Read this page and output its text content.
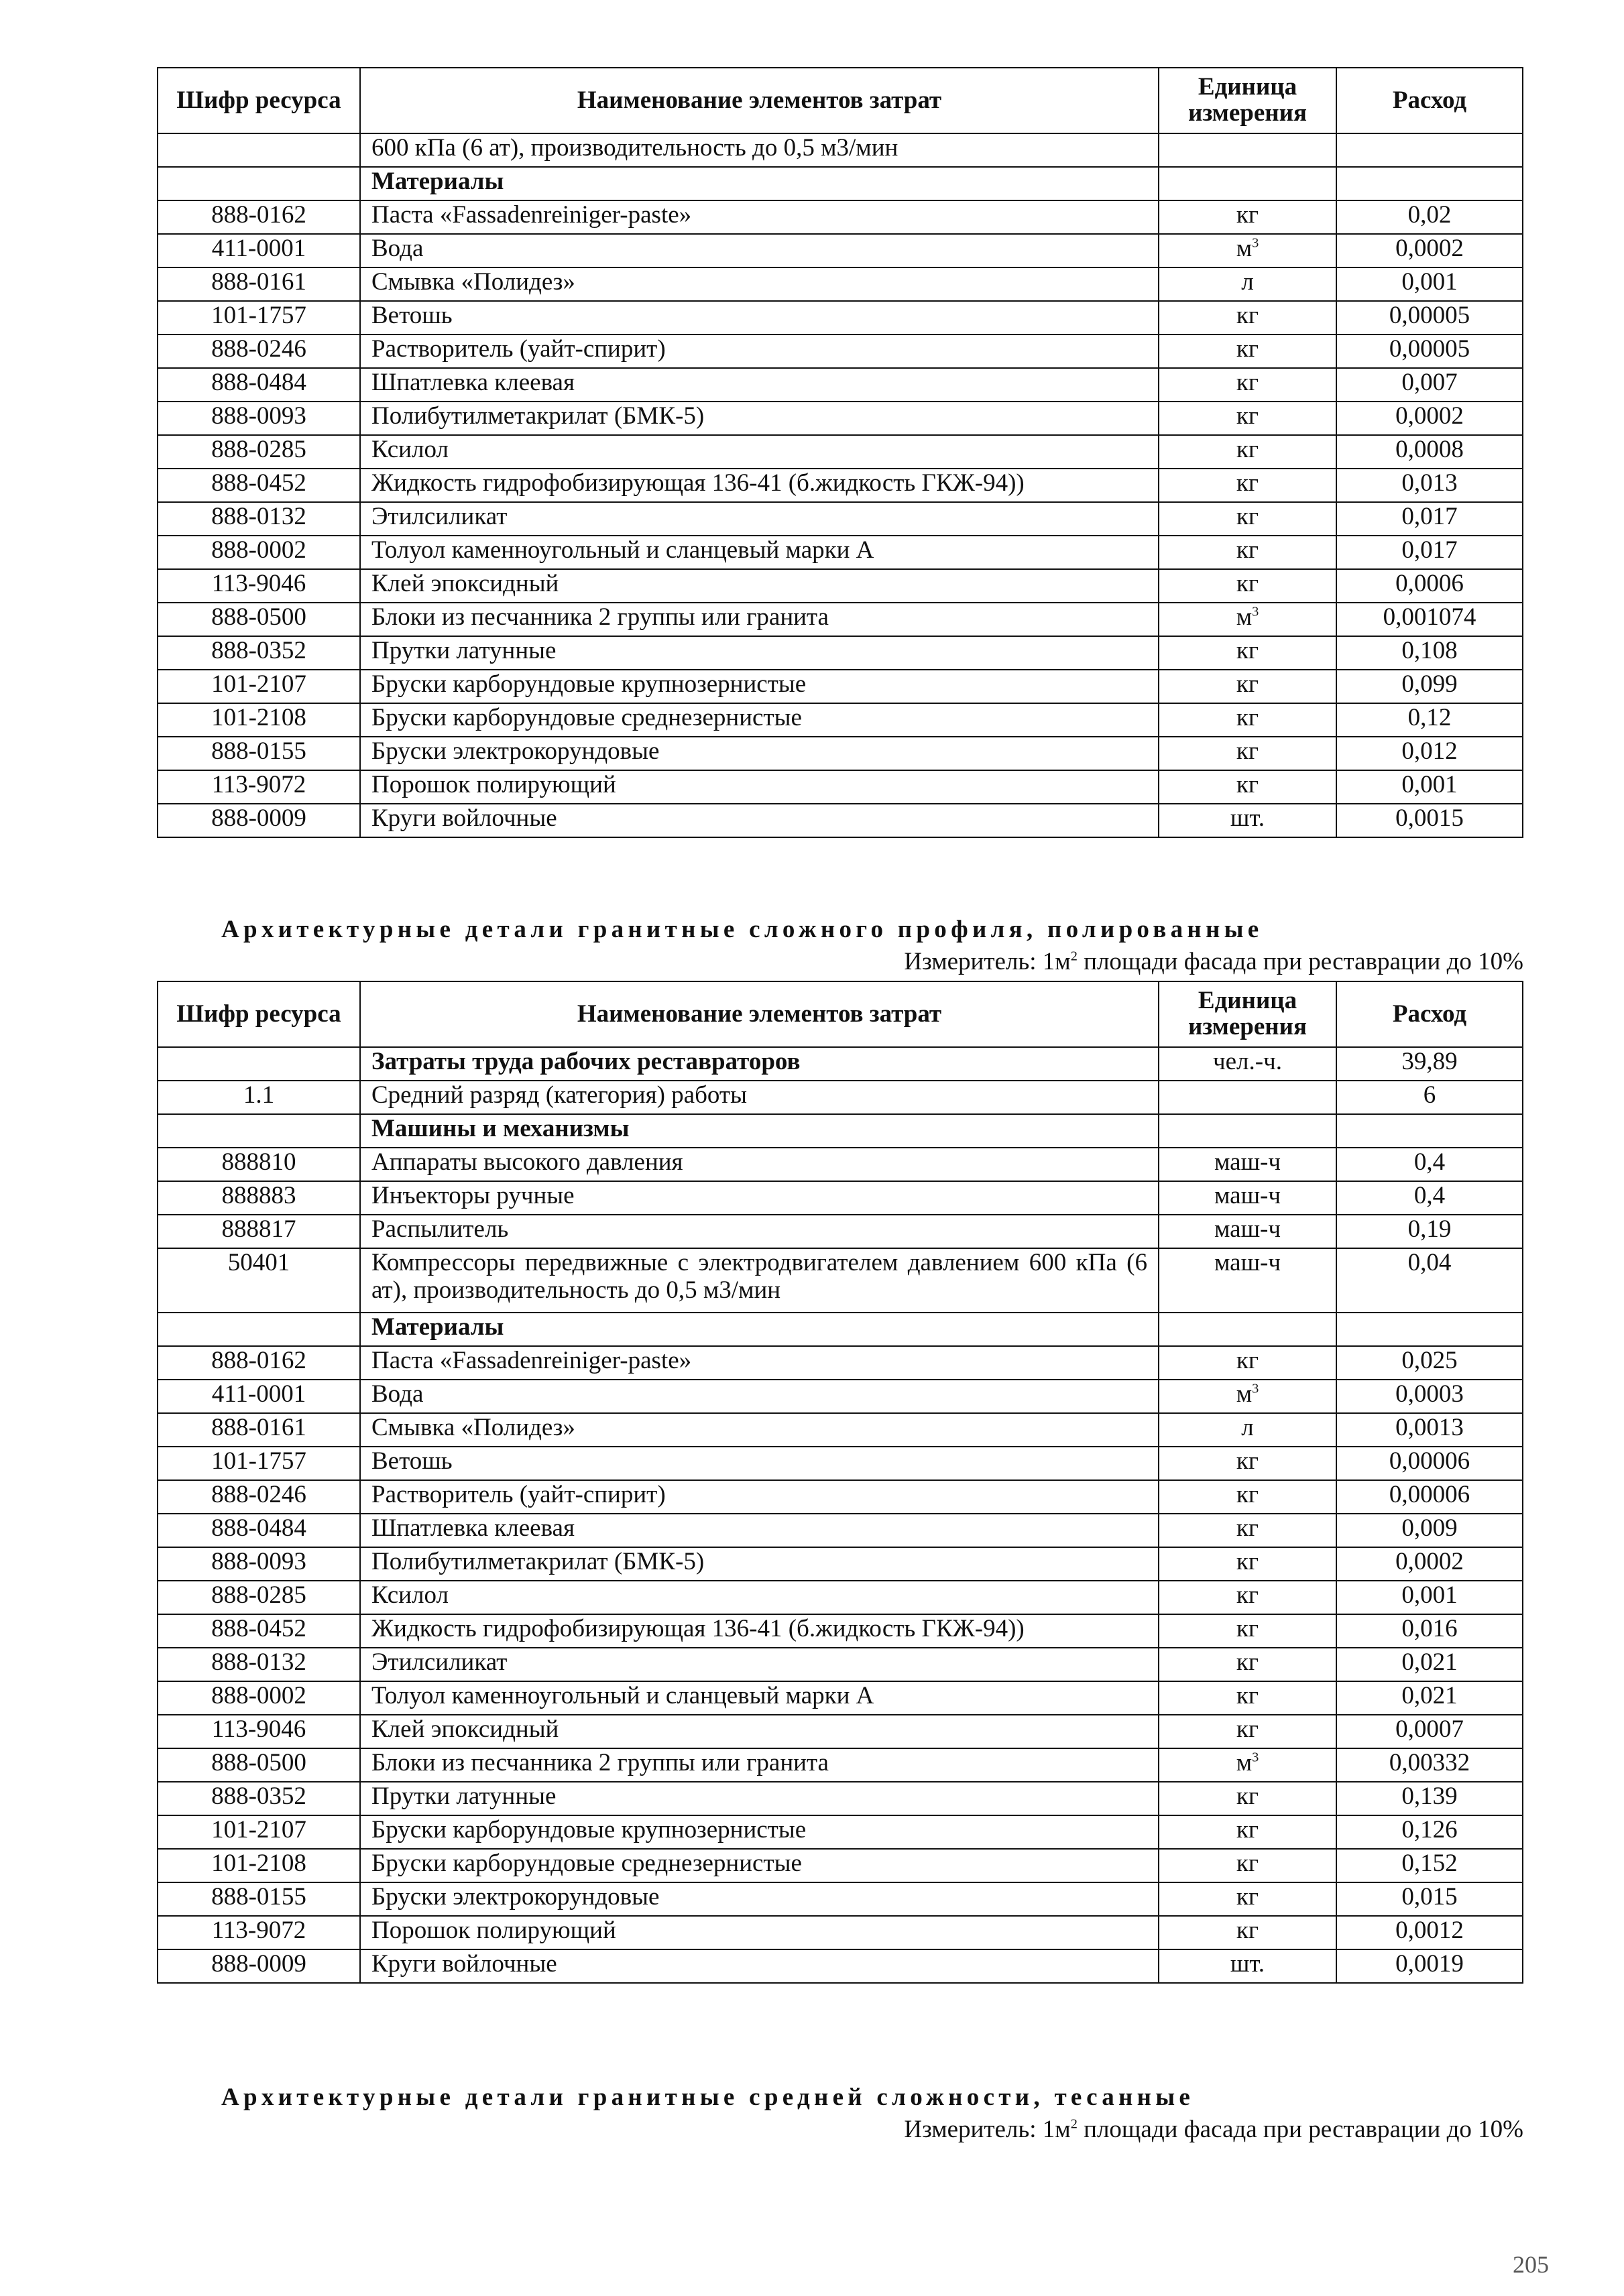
Шифр ресурса	Наименование элементов затрат	Единица измерения	Расход
	600 кПа (6 ат), производительность до 0,5 м3/мин		
	Материалы		
888-0162	Паста «Fassadenreiniger-paste»	кг	0,02
411-0001	Вода	$м^3$	0,0002
888-0161	Смывка «Полидез»	л	0,001
101-1757	Ветошь	кг	0,00005
888-0246	Растворитель (уайт-спирит)	кг	0,00005
888-0484	Шпатлевка клеевая	кг	0,007
888-0093	Полибутилметакрилат (БМК-5)	кг	0,0002
888-0285	Ксилол	кг	0,0008
888-0452	Жидкость гидрофобизирующая 136-41 (б.жидкость ГКЖ-94))	кг	0,013
888-0132	Этилсиликат	кг	0,017
888-0002	Толуол каменноугольный и сланцевый марки А	кг	0,017
113-9046	Клей эпоксидный	кг	0,0006
888-0500	Блоки из песчанника 2 группы или гранита	$м^3$	0,001074
888-0352	Прутки латунные	кг	0,108
101-2107	Бруски карборундовые крупнозернистые	кг	0,099
101-2108	Бруски карборундовые среднезернистые	кг	0,12
888-0155	Бруски электрокорундовые	кг	0,012
113-9072	Порошок полирующий	кг	0,001
888-0009	Круги войлочные	шт.	0,0015
Архитектурные детали гранитные сложного профиля, полированные
Измеритель: $1м^2$ площади фасада при реставрации до 10%
Шифр ресурса	Наименование элементов затрат	Единица измерения	Расход
	Затраты труда рабочих реставраторов	чел.-ч.	39,89
1.1	Средний разряд (категория) работы		6
	Машины и механизмы		
888810	Аппараты высокого давления	маш-ч	0,4
888883	Инъекторы ручные	маш-ч	0,4
888817	Распылитель	маш-ч	0,19
50401	Компрессоры передвижные с электродвигателем давлением 600 кПа (6 ат), производительность до 0,5 м3/мин	маш-ч	0,04
	Материалы		
888-0162	Паста «Fassadenreiniger-paste»	кг	0,025
411-0001	Вода	$м^3$	0,0003
888-0161	Смывка «Полидез»	л	0,0013
101-1757	Ветошь	кг	0,00006
888-0246	Растворитель (уайт-спирит)	кг	0,00006
888-0484	Шпатлевка клеевая	кг	0,009
888-0093	Полибутилметакрилат (БМК-5)	кг	0,0002
888-0285	Ксилол	кг	0,001
888-0452	Жидкость гидрофобизирующая 136-41 (б.жидкость ГКЖ-94))	кг	0,016
888-0132	Этилсиликат	кг	0,021
888-0002	Толуол каменноугольный и сланцевый марки А	кг	0,021
113-9046	Клей эпоксидный	кг	0,0007
888-0500	Блоки из песчанника 2 группы или гранита	$м^3$	0,00332
888-0352	Прутки латунные	кг	0,139
101-2107	Бруски карборундовые крупнозернистые	кг	0,126
101-2108	Бруски карборундовые среднезернистые	кг	0,152
888-0155	Бруски электрокорундовые	кг	0,015
113-9072	Порошок полирующий	кг	0,0012
888-0009	Круги войлочные	шт.	0,0019
Архитектурные детали гранитные средней сложности, тесанные
Измеритель: $1м^2$ площади фасада при реставрации до 10%
205
